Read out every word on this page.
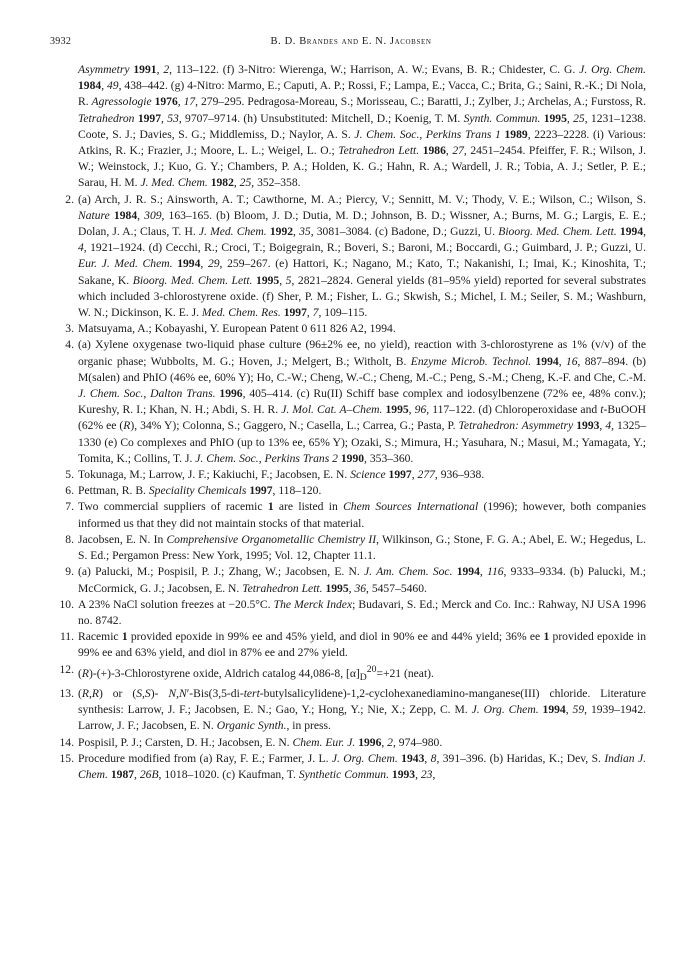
3932	B. D. Brandes and E. N. Jacobsen
Asymmetry 1991, 2, 113–122. (f) 3-Nitro: Wierenga, W.; Harrison, A. W.; Evans, B. R.; Chidester, C. G. J. Org. Chem. 1984, 49, 438–442. (g) 4-Nitro: Marmo, E.; Caputi, A. P.; Rossi, F.; Lampa, E.; Vacca, C.; Brita, G.; Saini, R.-K.; Di Nola, R. Agressologie 1976, 17, 279–295. Pedragosa-Moreau, S.; Morisseau, C.; Baratti, J.; Zylber, J.; Archelas, A.; Furstoss, R. Tetrahedron 1997, 53, 9707–9714. (h) Unsubstituted: Mitchell, D.; Koenig, T. M. Synth. Commun. 1995, 25, 1231–1238. Coote, S. J.; Davies, S. G.; Middlemiss, D.; Naylor, A. S. J. Chem. Soc., Perkins Trans 1 1989, 2223–2228. (i) Various: Atkins, R. K.; Frazier, J.; Moore, L. L.; Weigel, L. O.; Tetrahedron Lett. 1986, 27, 2451–2454. Pfeiffer, F. R.; Wilson, J. W.; Weinstock, J.; Kuo, G. Y.; Chambers, P. A.; Holden, K. G.; Hahn, R. A.; Wardell, J. R.; Tobia, A. J.; Setler, P. E.; Sarau, H. M. J. Med. Chem. 1982, 25, 352–358.
2. (a) Arch, J. R. S.; Ainsworth, A. T.; Cawthorne, M. A.; Piercy, V.; Sennitt, M. V.; Thody, V. E.; Wilson, C.; Wilson, S. Nature 1984, 309, 163–165. (b) Bloom, J. D.; Dutia, M. D.; Johnson, B. D.; Wissner, A.; Burns, M. G.; Largis, E. E.; Dolan, J. A.; Claus, T. H. J. Med. Chem. 1992, 35, 3081–3084. (c) Badone, D.; Guzzi, U. Bioorg. Med. Chem. Lett. 1994, 4, 1921–1924. (d) Cecchi, R.; Croci, T.; Boigegrain, R.; Boveri, S.; Baroni, M.; Boccardi, G.; Guimbard, J. P.; Guzzi, U. Eur. J. Med. Chem. 1994, 29, 259–267. (e) Hattori, K.; Nagano, M.; Kato, T.; Nakanishi, I.; Imai, K.; Kinoshita, T.; Sakane, K. Bioorg. Med. Chem. Lett. 1995, 5, 2821–2824. General yields (81–95% yield) reported for several substrates which included 3-chlorostyrene oxide. (f) Sher, P. M.; Fisher, L. G.; Skwish, S.; Michel, I. M.; Seiler, S. M.; Washburn, W. N.; Dickinson, K. E. J. Med. Chem. Res. 1997, 7, 109–115.
3. Matsuyama, A.; Kobayashi, Y. European Patent 0 611 826 A2, 1994.
4. (a) Xylene oxygenase two-liquid phase culture (96±2% ee, no yield), reaction with 3-chlorostyrene as 1% (v/v) of the organic phase; Wubbolts, M. G.; Hoven, J.; Melgert, B.; Witholt, B. Enzyme Microb. Technol. 1994, 16, 887–894. (b) M(salen) and PhIO (46% ee, 60% Y); Ho, C.-W.; Cheng, W.-C.; Cheng, M.-C.; Peng, S.-M.; Cheng, K.-F. and Che, C.-M. J. Chem. Soc., Dalton Trans. 1996, 405–414. (c) Ru(II) Schiff base complex and iodosylbenzene (72% ee, 48% conv.); Kureshy, R. I.; Khan, N. H.; Abdi, S. H. R. J. Mol. Cat. A–Chem. 1995, 96, 117–122. (d) Chloroperoxidase and t-BuOOH (62% ee (R), 34% Y); Colonna, S.; Gaggero, N.; Casella, L.; Carrea, G.; Pasta, P. Tetrahedron: Asymmetry 1993, 4, 1325–1330 (e) Co complexes and PhIO (up to 13% ee, 65% Y); Ozaki, S.; Mimura, H.; Yasuhara, N.; Masui, M.; Yamagata, Y.; Tomita, K.; Collins, T. J. J. Chem. Soc., Perkins Trans 2 1990, 353–360.
5. Tokunaga, M.; Larrow, J. F.; Kakiuchi, F.; Jacobsen, E. N. Science 1997, 277, 936–938.
6. Pettman, R. B. Speciality Chemicals 1997, 118–120.
7. Two commercial suppliers of racemic 1 are listed in Chem Sources International (1996); however, both companies informed us that they did not maintain stocks of that material.
8. Jacobsen, E. N. In Comprehensive Organometallic Chemistry II, Wilkinson, G.; Stone, F. G. A.; Abel, E. W.; Hegedus, L. S. Ed.; Pergamon Press: New York, 1995; Vol. 12, Chapter 11.1.
9. (a) Palucki, M.; Pospisil, P. J.; Zhang, W.; Jacobsen, E. N. J. Am. Chem. Soc. 1994, 116, 9333–9334. (b) Palucki, M.; McCormick, G. J.; Jacobsen, E. N. Tetrahedron Lett. 1995, 36, 5457–5460.
10. A 23% NaCl solution freezes at −20.5°C. The Merck Index; Budavari, S. Ed.; Merck and Co. Inc.: Rahway, NJ USA 1996 no. 8742.
11. Racemic 1 provided epoxide in 99% ee and 45% yield, and diol in 90% ee and 44% yield; 36% ee 1 provided epoxide in 99% ee and 63% yield, and diol in 87% ee and 27% yield.
12. (R)-(+)-3-Chlorostyrene oxide, Aldrich catalog 44,086-8, $[\alpha]_D^{20}=+21$ (neat).
13. (R,R) or (S,S)- N,N′-Bis(3,5-di-tert-butylsalicylidene)-1,2-cyclohexanediamino-manganese(III) chloride. Literature synthesis: Larrow, J. F.; Jacobsen, E. N.; Gao, Y.; Hong, Y.; Nie, X.; Zepp, C. M. J. Org. Chem. 1994, 59, 1939–1942. Larrow, J. F.; Jacobsen, E. N. Organic Synth., in press.
14. Pospisil, P. J.; Carsten, D. H.; Jacobsen, E. N. Chem. Eur. J. 1996, 2, 974–980.
15. Procedure modified from (a) Ray, F. E.; Farmer, J. L. J. Org. Chem. 1943, 8, 391–396. (b) Haridas, K.; Dev, S. Indian J. Chem. 1987, 26B, 1018–1020. (c) Kaufman, T. Synthetic Commun. 1993, 23,
